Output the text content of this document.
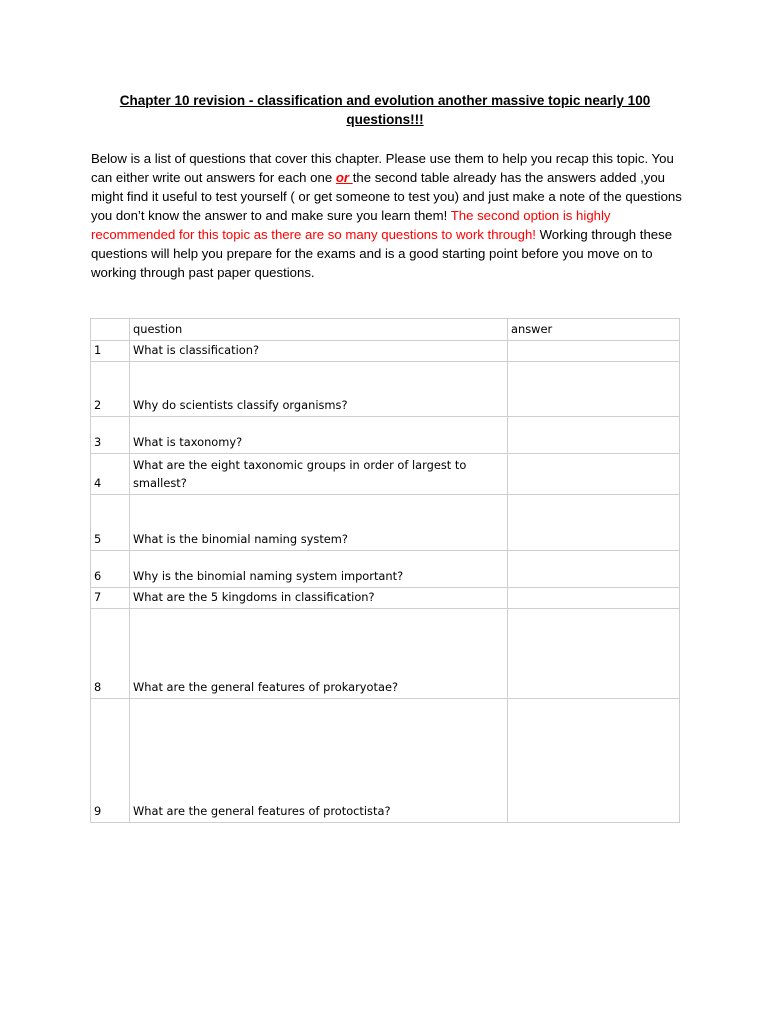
Chapter 10 revision - classification and evolution another massive topic nearly 100 questions!!!
Below is a list of questions that cover this chapter. Please use them to help you recap this topic. You can either write out answers for each one or the second table already has the answers added ,you might find it useful to test yourself ( or get someone to test you) and just make a note of the questions you don’t know the answer to and make sure you learn them! The second option is highly recommended for this topic as there are so many questions to work through! Working through these questions will help you prepare for the exams and is a good starting point before you move on to working through past paper questions.
	question	answer
1	What is classification?	
2	Why do scientists classify organisms?	
3	What is taxonomy?	
4	What are the eight taxonomic groups in order of largest to smallest?	
5	What is the binomial naming system?	
6	Why is the binomial naming system important?	
7	What are the 5 kingdoms in classification?	
8	What are the general features of prokaryotae?	
9	What are the general features of protoctista?	
